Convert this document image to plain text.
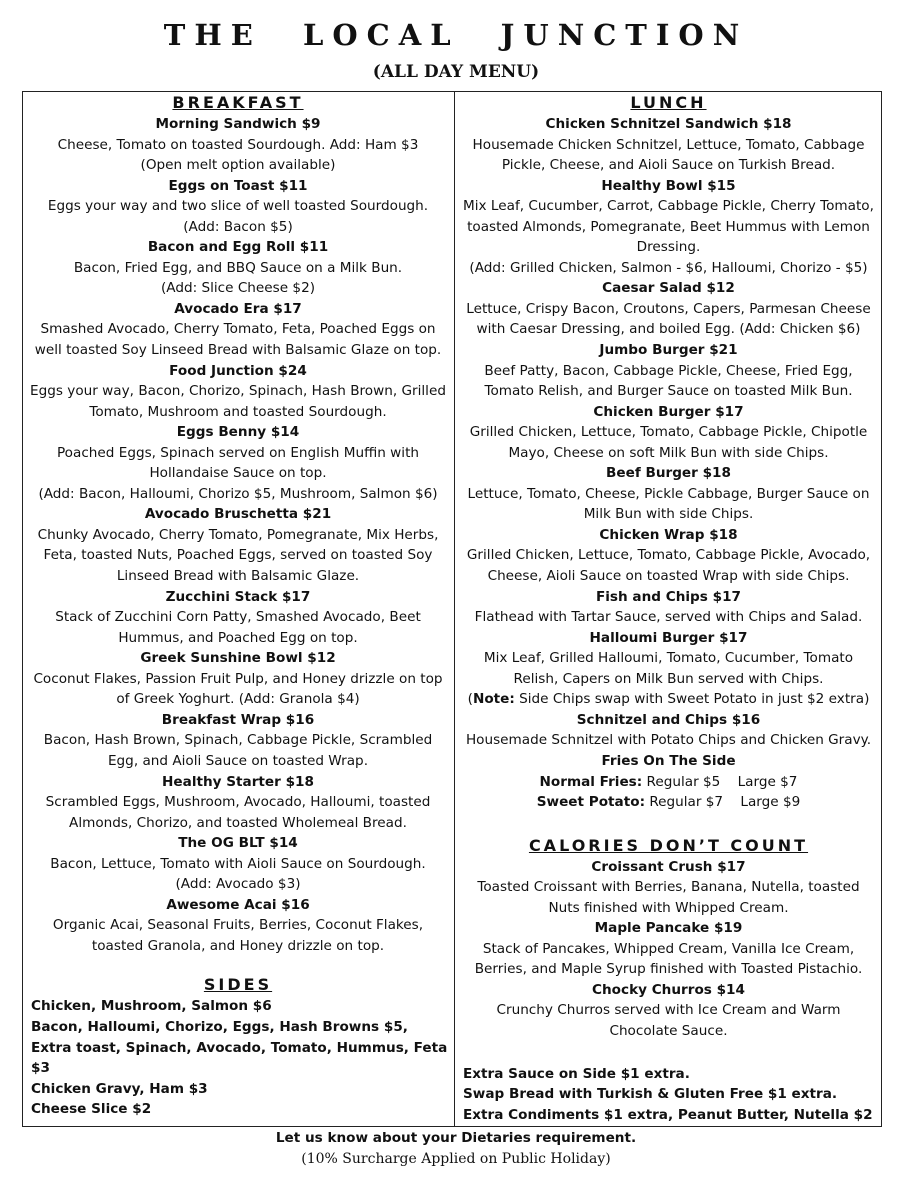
THE LOCAL JUNCTION
(ALL DAY MENU)
BREAKFAST
Morning Sandwich $9
Cheese, Tomato on toasted Sourdough. Add: Ham $3
(Open melt option available)
Eggs on Toast $11
Eggs your way and two slice of well toasted Sourdough.
(Add: Bacon $5)
Bacon and Egg Roll $11
Bacon, Fried Egg, and BBQ Sauce on a Milk Bun.
(Add: Slice Cheese $2)
Avocado Era $17
Smashed Avocado, Cherry Tomato, Feta, Poached Eggs on
well toasted Soy Linseed Bread with Balsamic Glaze on top.
Food Junction $24
Eggs your way, Bacon, Chorizo, Spinach, Hash Brown, Grilled
Tomato, Mushroom and toasted Sourdough.
Eggs Benny $14
Poached Eggs, Spinach served on English Muffin with
Hollandaise Sauce on top.
(Add: Bacon, Halloumi, Chorizo $5, Mushroom, Salmon $6)
Avocado Bruschetta $21
Chunky Avocado, Cherry Tomato, Pomegranate, Mix Herbs,
Feta, toasted Nuts, Poached Eggs, served on toasted Soy
Linseed Bread with Balsamic Glaze.
Zucchini Stack $17
Stack of Zucchini Corn Patty, Smashed Avocado, Beet
Hummus, and Poached Egg on top.
Greek Sunshine Bowl $12
Coconut Flakes, Passion Fruit Pulp, and Honey drizzle on top
of Greek Yoghurt. (Add: Granola $4)
Breakfast Wrap $16
Bacon, Hash Brown, Spinach, Cabbage Pickle, Scrambled
Egg, and Aioli Sauce on toasted Wrap.
Healthy Starter $18
Scrambled Eggs, Mushroom, Avocado, Halloumi, toasted
Almonds, Chorizo, and toasted Wholemeal Bread.
The OG BLT $14
Bacon, Lettuce, Tomato with Aioli Sauce on Sourdough.
(Add: Avocado $3)
Awesome Acai $16
Organic Acai, Seasonal Fruits, Berries, Coconut Flakes,
toasted Granola, and Honey drizzle on top.
SIDES
Chicken, Mushroom, Salmon $6
Bacon, Halloumi, Chorizo, Eggs, Hash Browns $5,
Extra toast, Spinach, Avocado, Tomato, Hummus, Feta $3
Chicken Gravy, Ham $3
Cheese Slice $2
LUNCH
Chicken Schnitzel Sandwich $18
Housemade Chicken Schnitzel, Lettuce, Tomato, Cabbage
Pickle, Cheese, and Aioli Sauce on Turkish Bread.
Healthy Bowl $15
Mix Leaf, Cucumber, Carrot, Cabbage Pickle, Cherry Tomato,
toasted Almonds, Pomegranate, Beet Hummus with Lemon
Dressing.
(Add: Grilled Chicken, Salmon - $6, Halloumi, Chorizo - $5)
Caesar Salad $12
Lettuce, Crispy Bacon, Croutons, Capers, Parmesan Cheese
with Caesar Dressing, and boiled Egg. (Add: Chicken $6)
Jumbo Burger $21
Beef Patty, Bacon, Cabbage Pickle, Cheese, Fried Egg,
Tomato Relish, and Burger Sauce on toasted Milk Bun.
Chicken Burger $17
Grilled Chicken, Lettuce, Tomato, Cabbage Pickle, Chipotle
Mayo, Cheese on soft Milk Bun with side Chips.
Beef Burger $18
Lettuce, Tomato, Cheese, Pickle Cabbage, Burger Sauce on
Milk Bun with side Chips.
Chicken Wrap $18
Grilled Chicken, Lettuce, Tomato, Cabbage Pickle, Avocado,
Cheese, Aioli Sauce on toasted Wrap with side Chips.
Fish and Chips $17
Flathead with Tartar Sauce, served with Chips and Salad.
Halloumi Burger $17
Mix Leaf, Grilled Halloumi, Tomato, Cucumber, Tomato
Relish, Capers on Milk Bun served with Chips.
(Note: Side Chips swap with Sweet Potato in just $2 extra)
Schnitzel and Chips $16
Housemade Schnitzel with Potato Chips and Chicken Gravy.
Fries On The Side
Normal Fries: Regular $5 Large $7
Sweet Potato: Regular $7 Large $9
CALORIES DON’T COUNT
Croissant Crush $17
Toasted Croissant with Berries, Banana, Nutella, toasted
Nuts finished with Whipped Cream.
Maple Pancake $19
Stack of Pancakes, Whipped Cream, Vanilla Ice Cream,
Berries, and Maple Syrup finished with Toasted Pistachio.
Chocky Churros $14
Crunchy Churros served with Ice Cream and Warm
Chocolate Sauce.
Extra Sauce on Side $1 extra.
Swap Bread with Turkish & Gluten Free $1 extra.
Extra Condiments $1 extra, Peanut Butter, Nutella $2
Let us know about your Dietaries requirement.
(10% Surcharge Applied on Public Holiday)
